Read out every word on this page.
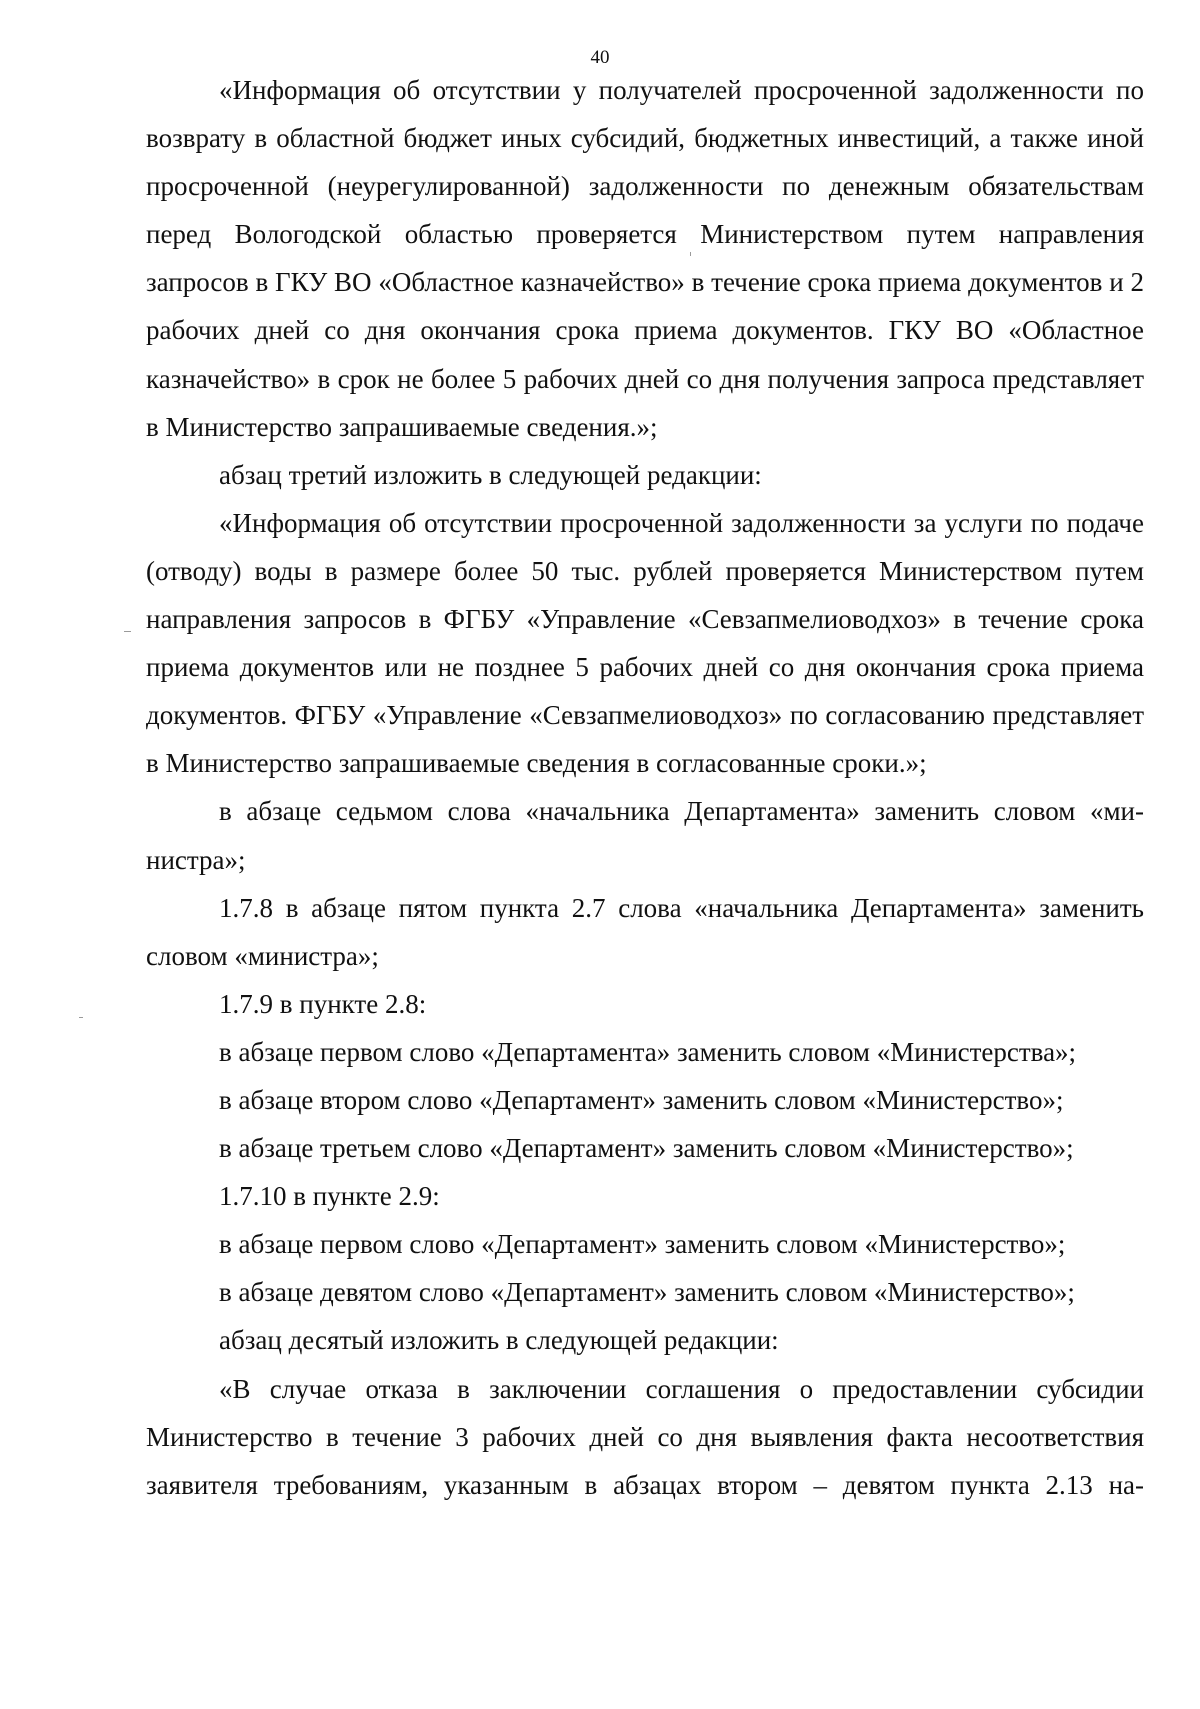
40

«Информация об отсутствии у получателей просроченной задолженности по возврату в областной бюджет иных субсидий, бюджетных инвестиций, а также иной просроченной (неурегулированной) задолженности по денежным обязательствам перед Вологодской областью проверяется Министерством путем направления запросов в ГКУ ВО «Областное казначейство» в течение срока приема документов и 2 рабочих дней со дня окончания срока приема документов. ГКУ ВО «Областное казначейство» в срок не более 5 рабочих дней со дня получения запроса представляет в Министерство запрашиваемые сведения.»;

абзац третий изложить в следующей редакции:

«Информация об отсутствии просроченной задолженности за услуги по подаче (отводу) воды в размере более 50 тыс. рублей проверяется Министерством путем направления запросов в ФГБУ «Управление «Севзапмелиоводхоз» в течение срока приема документов или не позднее 5 рабочих дней со дня окончания срока приема документов. ФГБУ «Управление «Севзапмелиоводхоз» по согласованию представляет в Министерство запрашиваемые сведения в согласованные сроки.»;

в абзаце седьмом слова «начальника Департамента» заменить словом «министра»;

1.7.8 в абзаце пятом пункта 2.7 слова «начальника Департамента» заменить словом «министра»;

1.7.9 в пункте 2.8:

в абзаце первом слово «Департамента» заменить словом «Министерства»;

в абзаце втором слово «Департамент» заменить словом «Министерство»;

в абзаце третьем слово «Департамент» заменить словом «Министерство»;

1.7.10 в пункте 2.9:

в абзаце первом слово «Департамент» заменить словом «Министерство»;

в абзаце девятом слово «Департамент» заменить словом «Министерство»;

абзац десятый изложить в следующей редакции:

«В случае отказа в заключении соглашения о предоставлении субсидии Министерство в течение 3 рабочих дней со дня выявления факта несоответствия заявителя требованиям, указанным в абзацах втором – девятом пункта 2.13 на-
